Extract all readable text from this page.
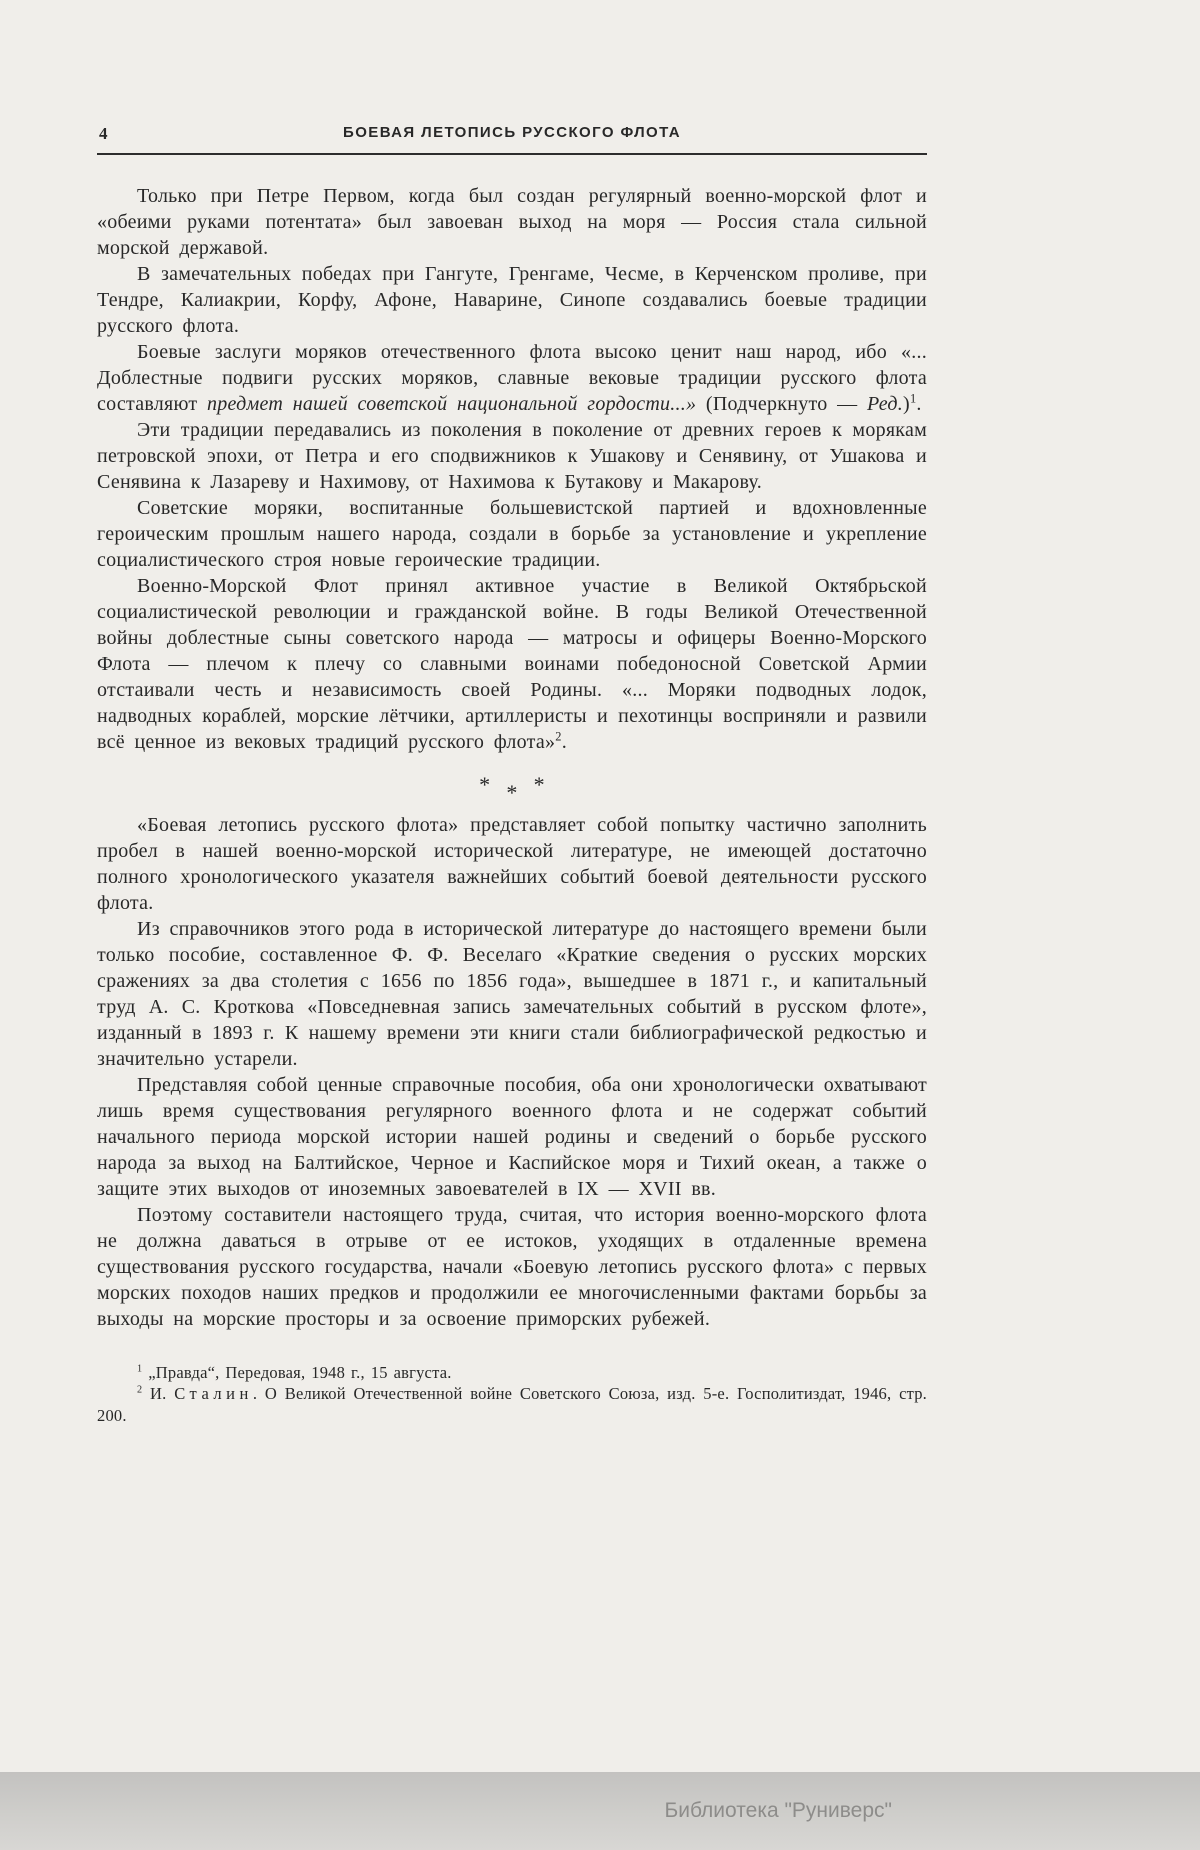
4	БОЕВАЯ ЛЕТОПИСЬ РУССКОГО ФЛОТА

Только при Петре Первом, когда был создан регулярный военно-морской флот и «обеими руками потентата» был завоеван выход на моря — Россия стала сильной морской державой.

В замечательных победах при Гангуте, Гренгаме, Чесме, в Керченском проливе, при Тендре, Калиакрии, Корфу, Афоне, Наварине, Синопе создавались боевые традиции русского флота.

Боевые заслуги моряков отечественного флота высоко ценит наш народ, ибо «... Доблестные подвиги русских моряков, славные вековые традиции русского флота составляют предмет нашей советской национальной гордости...» (Подчеркнуто — Ред.)$^1$.

Эти традиции передавались из поколения в поколение от древних героев к морякам петровской эпохи, от Петра и его сподвижников к Ушакову и Сенявину, от Ушакова и Сенявина к Лазареву и Нахимову, от Нахимова к Бутакову и Макарову.

Советские моряки, воспитанные большевистской партией и вдохновленные героическим прошлым нашего народа, создали в борьбе за установление и укрепление социалистического строя новые героические традиции.

Военно-Морской Флот принял активное участие в Великой Октябрьской социалистической революции и гражданской войне. В годы Великой Отечественной войны доблестные сыны советского народа — матросы и офицеры Военно-Морского Флота — плечом к плечу со славными воинами победоносной Советской Армии отстаивали честь и независимость своей Родины. «... Моряки подводных лодок, надводных кораблей, морские лётчики, артиллеристы и пехотинцы восприняли и развили всё ценное из вековых традиций русского флота»$^2$.

* * *

«Боевая летопись русского флота» представляет собой попытку частично заполнить пробел в нашей военно-морской исторической литературе, не имеющей достаточно полного хронологического указателя важнейших событий боевой деятельности русского флота.

Из справочников этого рода в исторической литературе до настоящего времени были только пособие, составленное Ф. Ф. Веселаго «Краткие сведения о русских морских сражениях за два столетия с 1656 по 1856 года», вышедшее в 1871 г., и капитальный труд А. С. Кроткова «Повседневная запись замечательных событий в русском флоте», изданный в 1893 г. К нашему времени эти книги стали библиографической редкостью и значительно устарели.

Представляя собой ценные справочные пособия, оба они хронологически охватывают лишь время существования регулярного военного флота и не содержат событий начального периода морской истории нашей родины и сведений о борьбе русского народа за выход на Балтийское, Черное и Каспийское моря и Тихий океан, а также о защите этих выходов от иноземных завоевателей в IX — XVII вв.

Поэтому составители настоящего труда, считая, что история военно-морского флота не должна даваться в отрыве от ее истоков, уходящих в отдаленные времена существования русского государства, начали «Боевую летопись русского флота» с первых морских походов наших предков и продолжили ее многочисленными фактами борьбы за выходы на морские просторы и за освоение приморских рубежей.

$^1$ „Правда“, Передовая, 1948 г., 15 августа.

$^2$ И. Сталин. О Великой Отечественной войне Советского Союза, изд. 5-е. Госполитиздат, 1946, стр. 200.

Библиотека "Руниверс"
